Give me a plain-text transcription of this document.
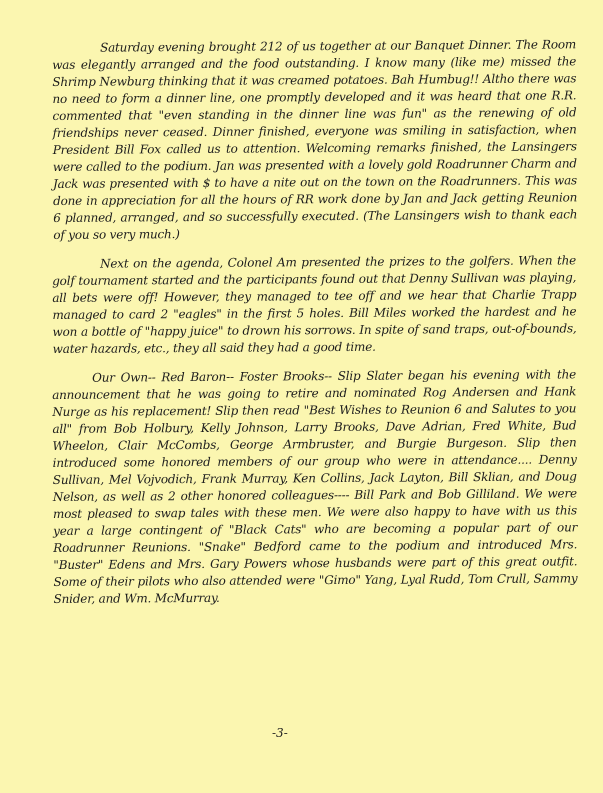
Saturday evening brought 212 of us together at our Banquet Dinner. The Room was elegantly arranged and the food outstanding. I know many (like me) missed the Shrimp Newburg thinking that it was creamed potatoes. Bah Humbug!! Altho there was no need to form a dinner line, one promptly developed and it was heard that one R.R. commented that "even standing in the dinner line was fun" as the renewing of old friendships never ceased. Dinner finished, everyone was smiling in satisfaction, when President Bill Fox called us to attention. Welcoming remarks finished, the Lansingers were called to the podium. Jan was presented with a lovely gold Roadrunner Charm and Jack was presented with $ to have a nite out on the town on the Roadrunners. This was done in appreciation for all the hours of RR work done by Jan and Jack getting Reunion 6 planned, arranged, and so successfully executed. (The Lansingers wish to thank each of you so very much.)

Next on the agenda, Colonel Am presented the prizes to the golfers. When the golf tournament started and the participants found out that Denny Sullivan was playing, all bets were off! However, they managed to tee off and we hear that Charlie Trapp managed to card 2 "eagles" in the first 5 holes. Bill Miles worked the hardest and he won a bottle of "happy juice" to drown his sorrows. In spite of sand traps, out-of-bounds, water hazards, etc., they all said they had a good time.

Our Own-- Red Baron-- Foster Brooks-- Slip Slater began his evening with the announcement that he was going to retire and nominated Rog Andersen and Hank Nurge as his replacement! Slip then read "Best Wishes to Reunion 6 and Salutes to you all" from Bob Holbury, Kelly Johnson, Larry Brooks, Dave Adrian, Fred White, Bud Wheelon, Clair McCombs, George Armbruster, and Burgie Burgeson. Slip then introduced some honored members of our group who were in attendance.... Denny Sullivan, Mel Vojvodich, Frank Murray, Ken Collins, Jack Layton, Bill Sklian, and Doug Nelson, as well as 2 other honored colleagues---- Bill Park and Bob Gilliland. We were most pleased to swap tales with these men. We were also happy to have with us this year a large contingent of "Black Cats" who are becoming a popular part of our Roadrunner Reunions. "Snake" Bedford came to the podium and introduced Mrs. "Buster" Edens and Mrs. Gary Powers whose husbands were part of this great outfit. Some of their pilots who also attended were "Gimo" Yang, Lyal Rudd, Tom Crull, Sammy Snider, and Wm. McMurray.

-3-
